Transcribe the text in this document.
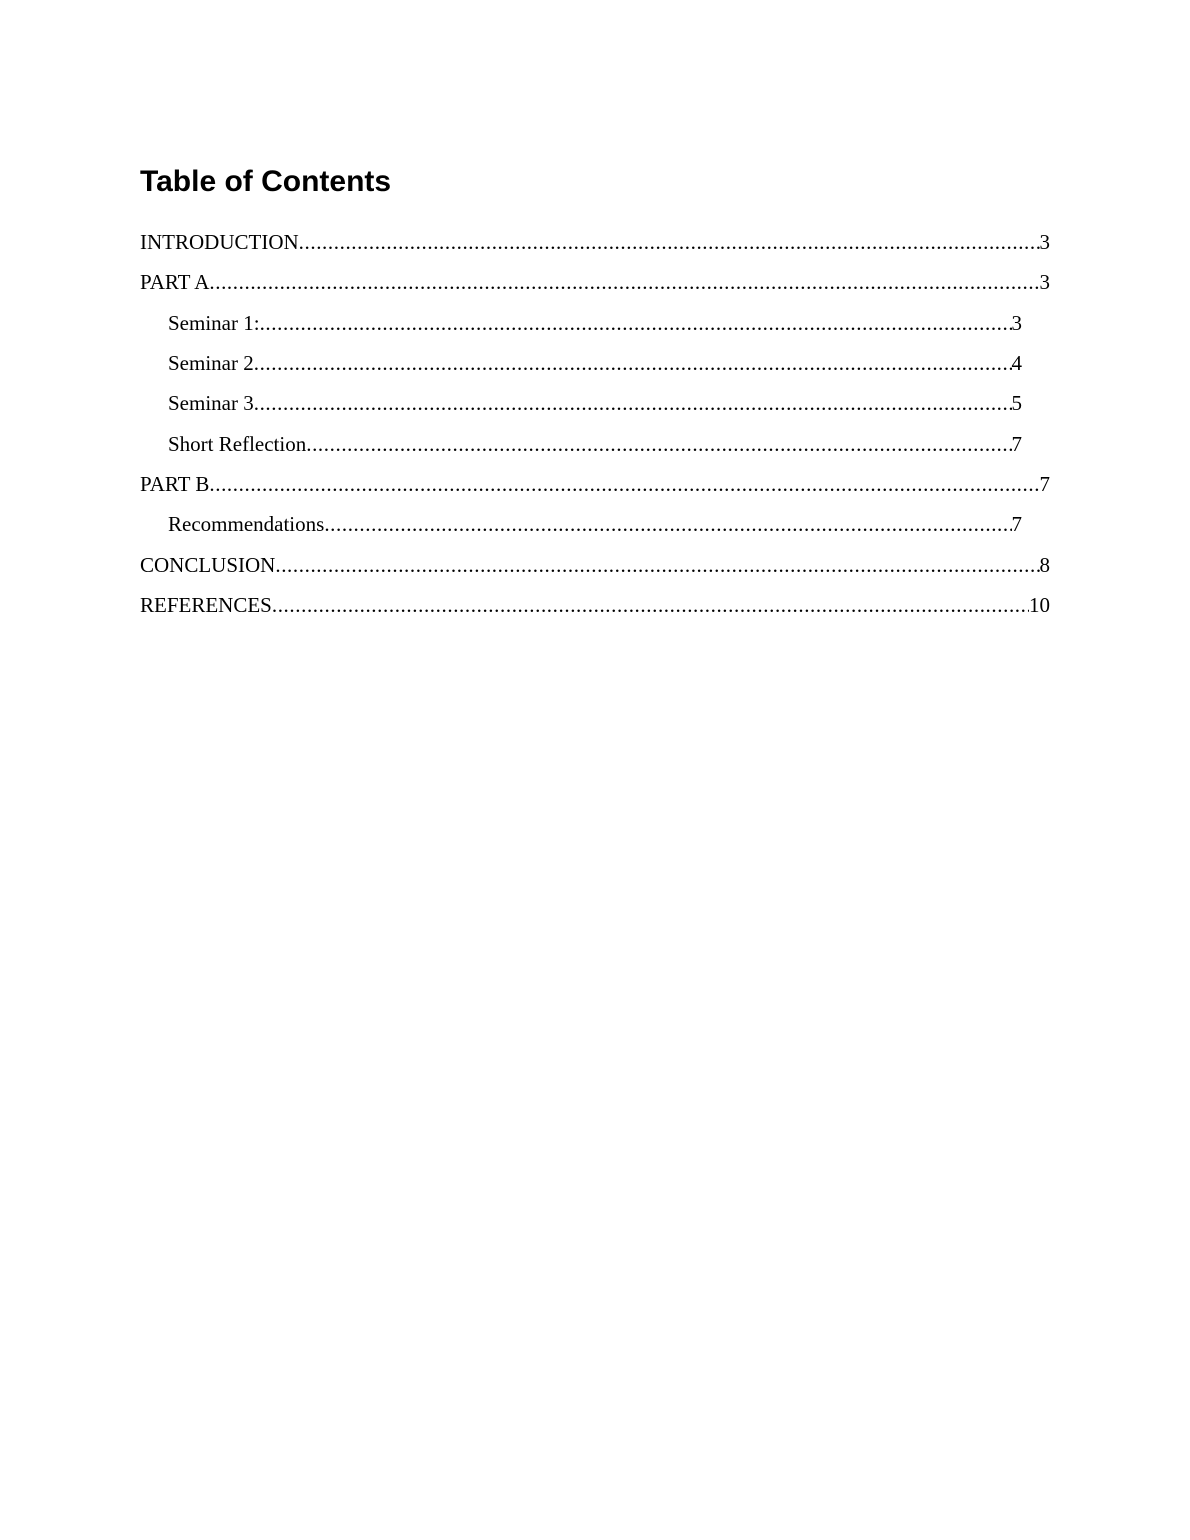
Table of Contents
INTRODUCTION .....	3
PART A .....	3
Seminar 1: .....	3
Seminar 2 .....	4
Seminar 3 .....	5
Short Reflection .....	7
PART B .....	7
Recommendations .....	7
CONCLUSION .....	8
REFERENCES .....	10
